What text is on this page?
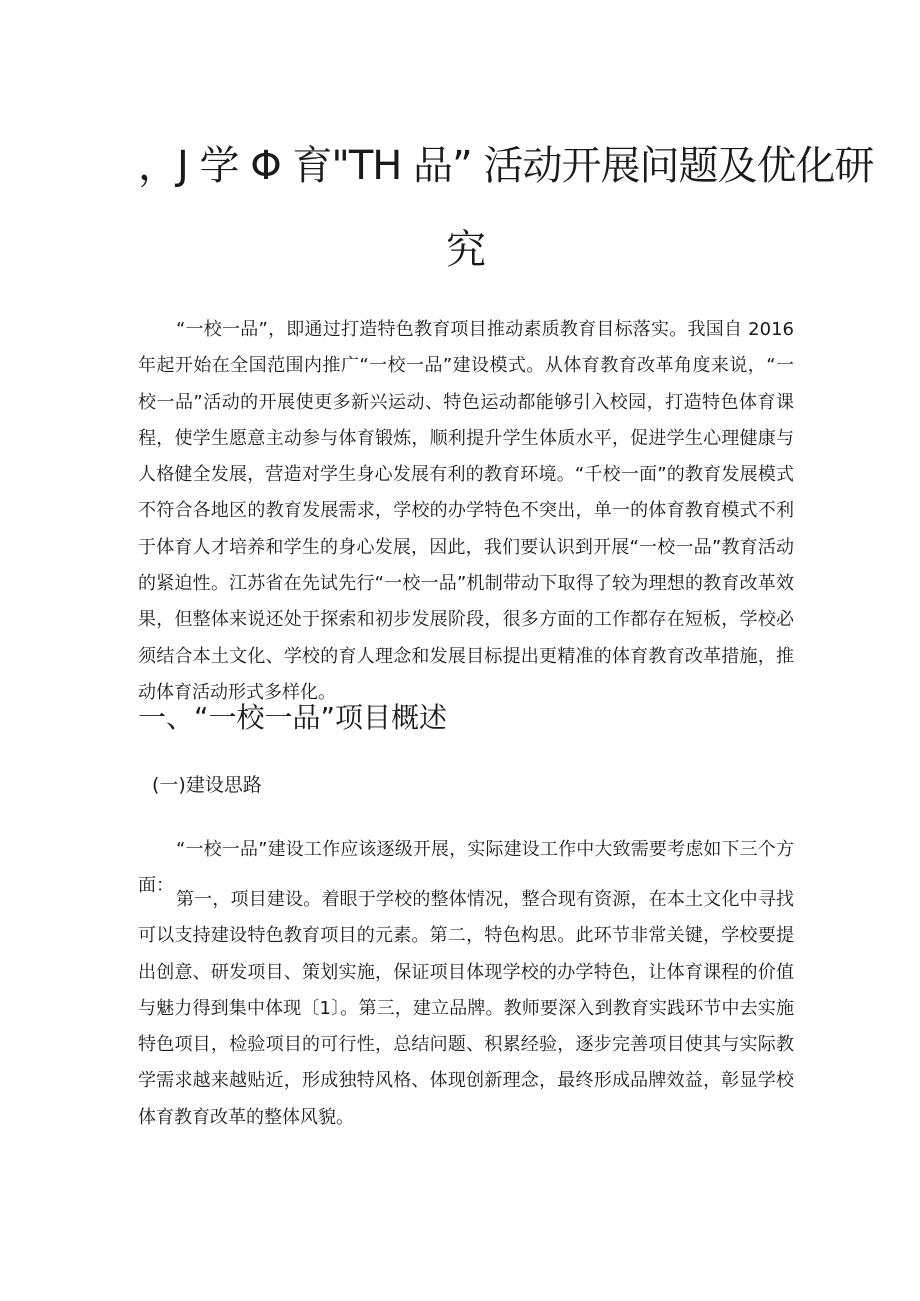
，J 学 Φ 育"TH 品” 活动开展问题及优化研
究

“一校一品”，即通过打造特色教育项目推动素质教育目标落实。我国自 2016 年起开始在全国范围内推广“一校一品”建设模式。从体育教育改革角度来说，“一校一品”活动的开展使更多新兴运动、特色运动都能够引入校园，打造特色体育课程，使学生愿意主动参与体育锻炼，顺利提升学生体质水平，促进学生心理健康与人格健全发展，营造对学生身心发展有利的教育环境。“千校一面”的教育发展模式不符合各地区的教育发展需求，学校的办学特色不突出，单一的体育教育模式不利于体育人才培养和学生的身心发展，因此，我们要认识到开展“一校一品”教育活动的紧迫性。江苏省在先试先行“一校一品”机制带动下取得了较为理想的教育改革效果，但整体来说还处于探索和初步发展阶段，很多方面的工作都存在短板，学校必须结合本土文化、学校的育人理念和发展目标提出更精准的体育教育改革措施，推动体育活动形式多样化。

一、“一校一品”项目概述
(一)建设思路

“一校一品”建设工作应该逐级开展，实际建设工作中大致需要考虑如下三个方面：

第一，项目建设。着眼于学校的整体情况，整合现有资源，在本土文化中寻找可以支持建设特色教育项目的元素。第二，特色构思。此环节非常关键，学校要提出创意、研发项目、策划实施，保证项目体现学校的办学特色，让体育课程的价值与魅力得到集中体现〔1〕。第三，建立品牌。教师要深入到教育实践环节中去实施特色项目，检验项目的可行性，总结问题、积累经验，逐步完善项目使其与实际教学需求越来越贴近，形成独特风格、体现创新理念，最终形成品牌效益，彰显学校体育教育改革的整体风貌。
